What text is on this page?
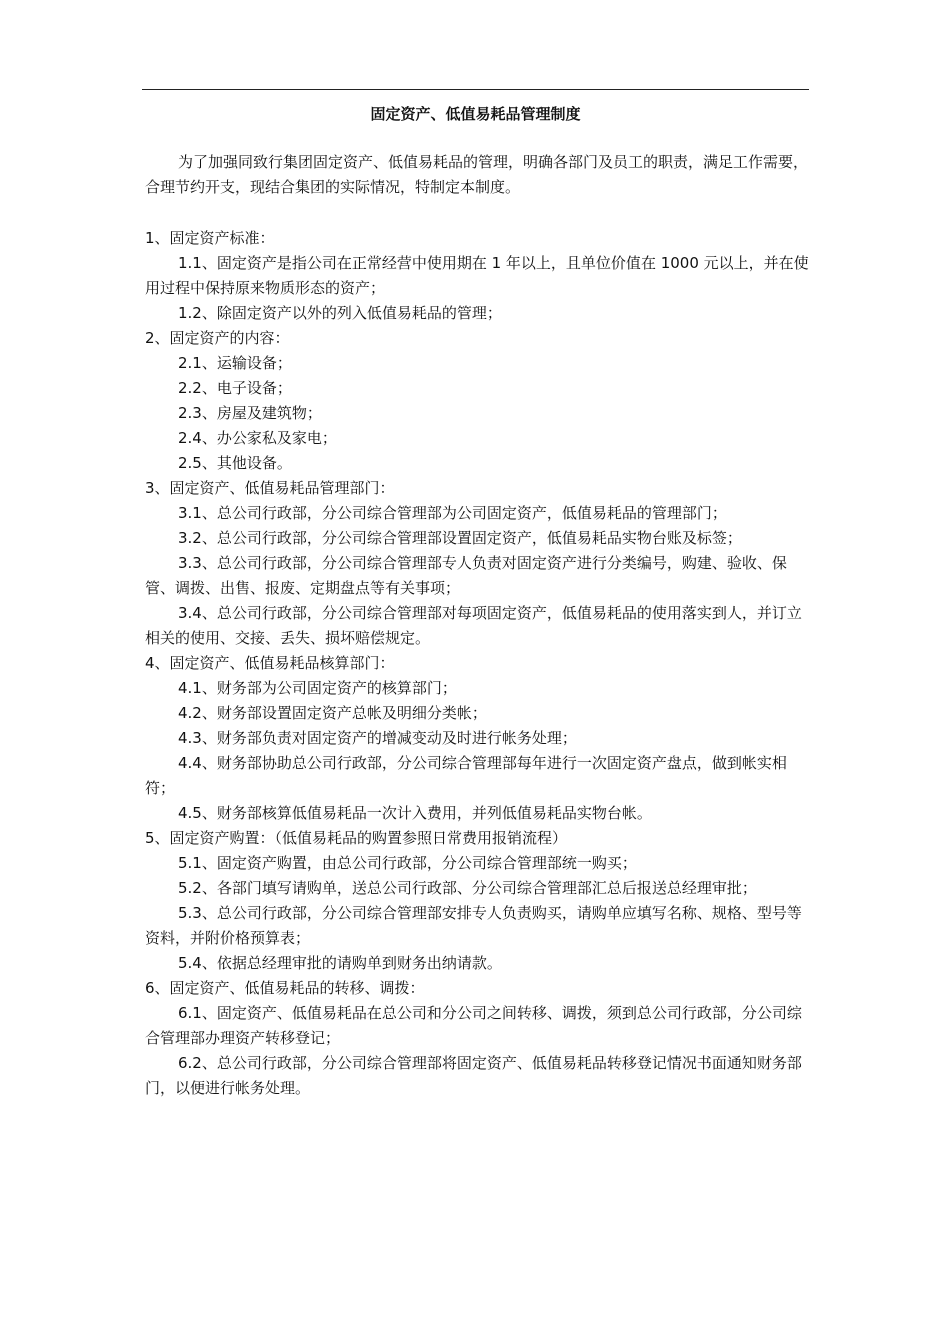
固定资产、低值易耗品管理制度

为了加强同致行集团固定资产、低值易耗品的管理，明确各部门及员工的职责，满足工作需要，合理节约开支，现结合集团的实际情况，特制定本制度。

1、固定资产标准：

1.1、固定资产是指公司在正常经营中使用期在 1 年以上，且单位价值在 1000 元以上，并在使用过程中保持原来物质形态的资产；

1.2、除固定资产以外的列入低值易耗品的管理；

2、固定资产的内容：

2.1、运输设备；

2.2、电子设备；

2.3、房屋及建筑物；

2.4、办公家私及家电；

2.5、其他设备。

3、固定资产、低值易耗品管理部门：

3.1、总公司行政部，分公司综合管理部为公司固定资产，低值易耗品的管理部门；

3.2、总公司行政部，分公司综合管理部设置固定资产，低值易耗品实物台账及标签；

3.3、总公司行政部，分公司综合管理部专人负责对固定资产进行分类编号，购建、验收、保管、调拨、出售、报废、定期盘点等有关事项；

3.4、总公司行政部，分公司综合管理部对每项固定资产，低值易耗品的使用落实到人，并订立相关的使用、交接、丢失、损坏赔偿规定。

4、固定资产、低值易耗品核算部门：

4.1、财务部为公司固定资产的核算部门；

4.2、财务部设置固定资产总帐及明细分类帐；

4.3、财务部负责对固定资产的增减变动及时进行帐务处理；

4.4、财务部协助总公司行政部，分公司综合管理部每年进行一次固定资产盘点，做到帐实相符；

4.5、财务部核算低值易耗品一次计入费用，并列低值易耗品实物台帐。

5、固定资产购置：（低值易耗品的购置参照日常费用报销流程）

5.1、固定资产购置，由总公司行政部，分公司综合管理部统一购买；

5.2、各部门填写请购单，送总公司行政部、分公司综合管理部汇总后报送总经理审批；

5.3、总公司行政部，分公司综合管理部安排专人负责购买，请购单应填写名称、规格、型号等资料，并附价格预算表；

5.4、依据总经理审批的请购单到财务出纳请款。

6、固定资产、低值易耗品的转移、调拨：

6.1、固定资产、低值易耗品在总公司和分公司之间转移、调拨，须到总公司行政部，分公司综合管理部办理资产转移登记；

6.2、总公司行政部，分公司综合管理部将固定资产、低值易耗品转移登记情况书面通知财务部门，以便进行帐务处理。
